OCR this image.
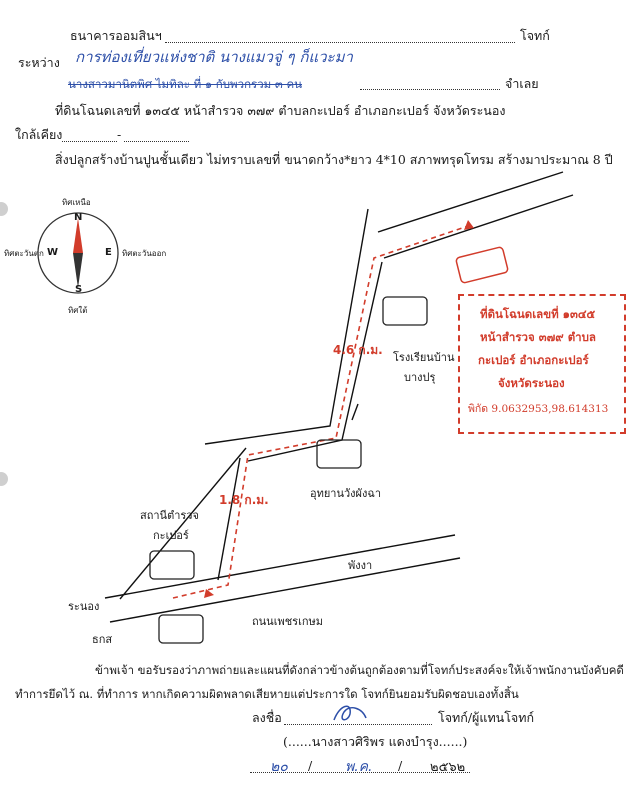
ธนาคารออมสินฯ	โจทก์
ระหว่าง การท่องเที่ยวแห่งชาติ นางแมวจู่ ๆ ก็แวะมา
นางสาวมานิตพิศ ไมทิละ ที่ ๑ กับพวกรวม ๓ คน	จำเลย
ที่ดินโฉนดเลขที่ ๑๓๔๕ หน้าสำรวจ ๓๗๙ ตำบลกะเปอร์ อำเภอกะเปอร์ จังหวัดระนอง
ใกล้เคียง	-
สิ่งปลูกสร้างบ้านปูนชั้นเดียว ไม่ทราบเลขที่ ขนาดกว้าง*ยาว 4*10 สภาพทรุดโทรม สร้างมาประมาณ 8 ปี
ทิศเหนือ
ทิศใต้
ทิศตะวันตก	ทิศตะวันออก
N
S
W	E
4.6 ก.ม.
1.8 ก.ม.
โรงเรียนบ้าน
บางปรุ
อุทยานวังผังฉา
สถานีตำรวจ
กะเปอร์
พังงา
ระนอง
ธกส
ถนนเพชรเกษม
ที่ดินโฉนดเลขที่ ๑๓๔๕
หน้าสำรวจ ๓๗๙ ตำบล
กะเปอร์ อำเภอกะเปอร์
จังหวัดระนอง
พิกัด 9.0632953,98.614313
ข้าพเจ้า ขอรับรองว่าภาพถ่ายและแผนที่ดังกล่าวข้างต้นถูกต้องตามที่โจทก์ประสงค์จะให้เจ้าพนักงานบังคับคดี
ทำการยึดไว้ ณ. ที่ทำการ หากเกิดความผิดพลาดเสียหายแต่ประการใด โจทก์ยินยอมรับผิดชอบเองทั้งสิ้น
ลงชื่อ	โจทก์/ผู้แทนโจทก์
(......นางสาวศิริพร แดงบำรุง......)
๒๐ / พ.ค. / ๒๕๖๒
